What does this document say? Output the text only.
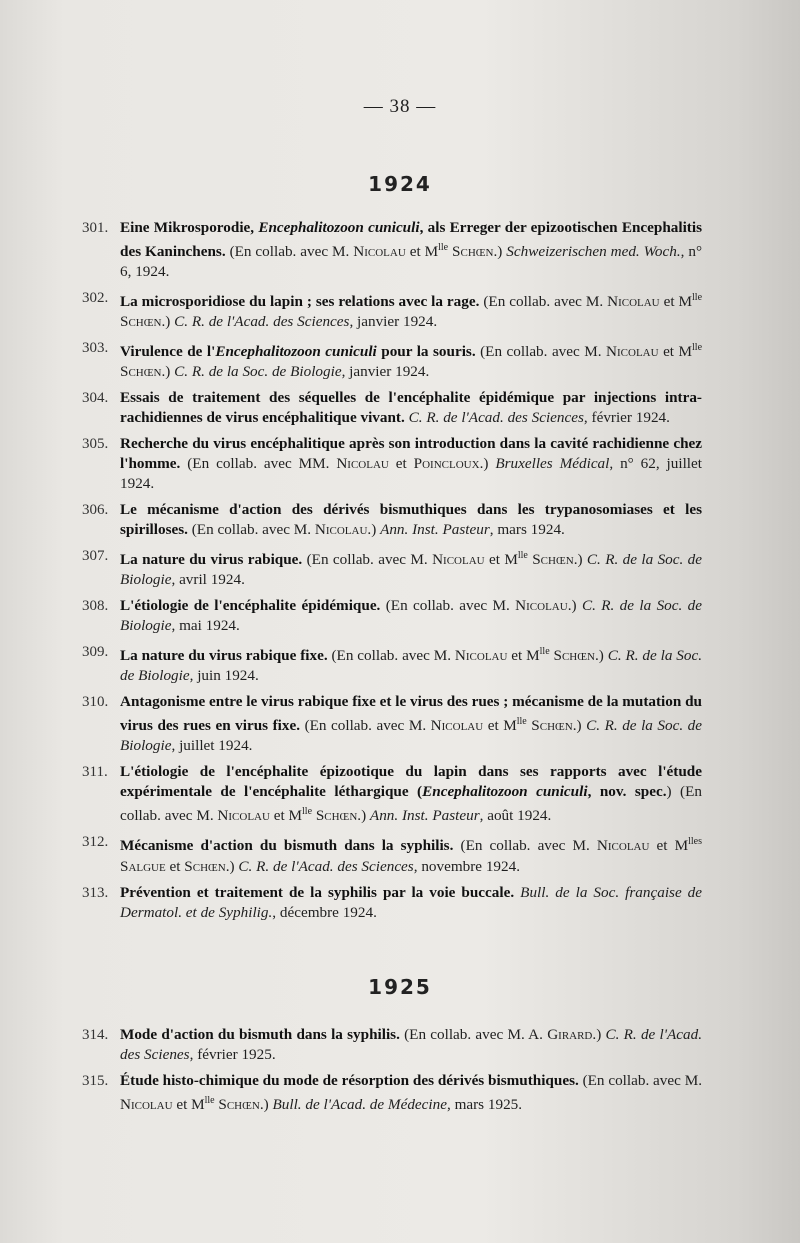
— 38 —
1924
301. Eine Mikrosporodie, Encephalitozoon cuniculi, als Erreger der epizootischen Encephalitis des Kaninchens. (En collab. avec M. Nicolau et $M^{lle}$ Schœn.) Schweizerischen med. Woch., n° 6, 1924.
302. La microsporidiose du lapin ; ses relations avec la rage. (En collab. avec M. Nicolau et $M^{lle}$ Schœn.) C. R. de l'Acad. des Sciences, janvier 1924.
303. Virulence de l'Encephalitozoon cuniculi pour la souris. (En collab. avec M. Nicolau et $M^{lle}$ Schœn.) C. R. de la Soc. de Biologie, janvier 1924.
304. Essais de traitement des séquelles de l'encéphalite épidémique par injections intra-rachidiennes de virus encéphalitique vivant. C. R. de l'Acad. des Sciences, février 1924.
305. Recherche du virus encéphalitique après son introduction dans la cavité rachidienne chez l'homme. (En collab. avec MM. Nicolau et Poincloux.) Bruxelles Médical, n° 62, juillet 1924.
306. Le mécanisme d'action des dérivés bismuthiques dans les trypanosomiases et les spirilloses. (En collab. avec M. Nicolau.) Ann. Inst. Pasteur, mars 1924.
307. La nature du virus rabique. (En collab. avec M. Nicolau et $M^{lle}$ Schœn.) C. R. de la Soc. de Biologie, avril 1924.
308. L'étiologie de l'encéphalite épidémique. (En collab. avec M. Nicolau.) C. R. de la Soc. de Biologie, mai 1924.
309. La nature du virus rabique fixe. (En collab. avec M. Nicolau et $M^{lle}$ Schœn.) C. R. de la Soc. de Biologie, juin 1924.
310. Antagonisme entre le virus rabique fixe et le virus des rues ; mécanisme de la mutation du virus des rues en virus fixe. (En collab. avec M. Nicolau et $M^{lle}$ Schœn.) C. R. de la Soc. de Biologie, juillet 1924.
311. L'étiologie de l'encéphalite épizootique du lapin dans ses rapports avec l'étude expérimentale de l'encéphalite léthargique (Encephalitozoon cuniculi, nov. spec.) (En collab. avec M. Nicolau et $M^{lle}$ Schœn.) Ann. Inst. Pasteur, août 1924.
312. Mécanisme d'action du bismuth dans la syphilis. (En collab. avec M. Nicolau et $M^{lles}$ Salgue et Schœn.) C. R. de l'Acad. des Sciences, novembre 1924.
313. Prévention et traitement de la syphilis par la voie buccale. Bull. de la Soc. française de Dermatol. et de Syphilig., décembre 1924.
1925
314. Mode d'action du bismuth dans la syphilis. (En collab. avec M. A. Girard.) C. R. de l'Acad. des Scienes, février 1925.
315. Étude histo-chimique du mode de résorption des dérivés bismuthiques. (En collab. avec M. Nicolau et $M^{lle}$ Schœn.) Bull. de l'Acad. de Médecine, mars 1925.
